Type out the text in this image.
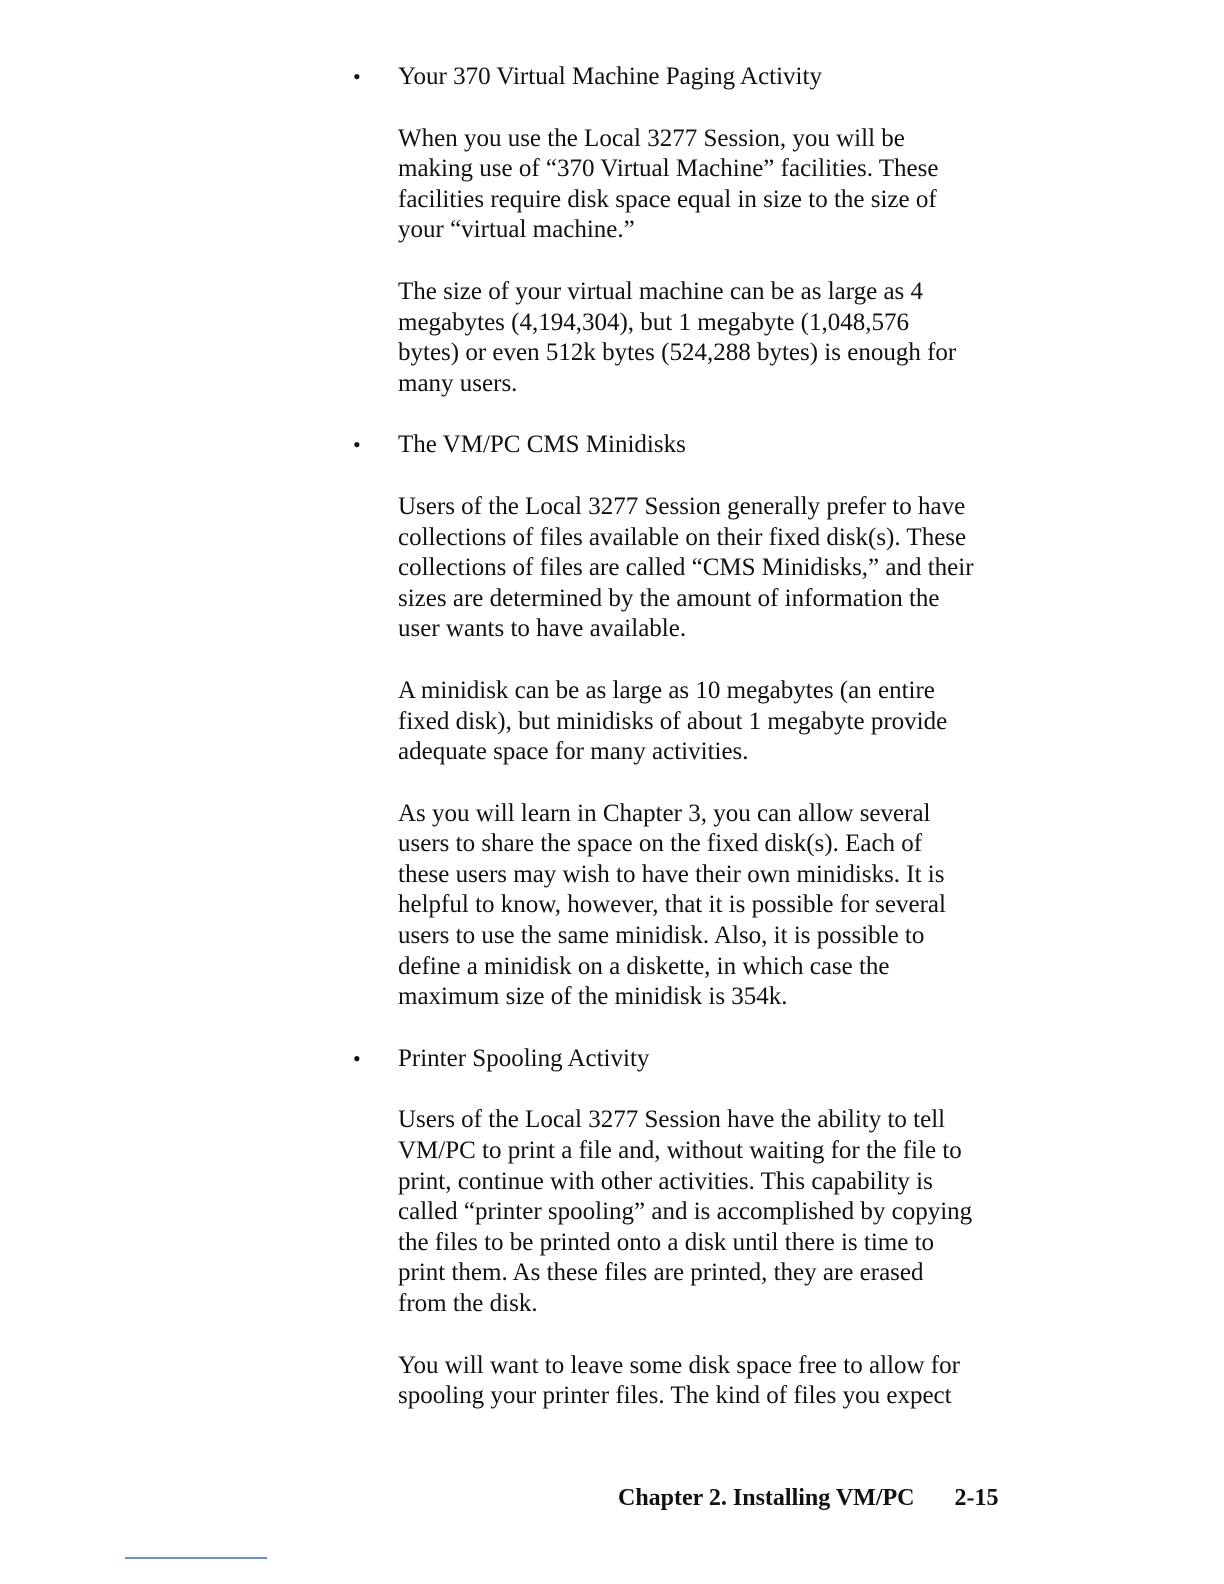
•	Your 370 Virtual Machine Paging Activity

When you use the Local 3277 Session, you will be
making use of “370 Virtual Machine” facilities. These
facilities require disk space equal in size to the size of
your “virtual machine.”

The size of your virtual machine can be as large as 4
megabytes (4,194,304), but 1 megabyte (1,048,576
bytes) or even 512k bytes (524,288 bytes) is enough for
many users.

•	The VM/PC CMS Minidisks

Users of the Local 3277 Session generally prefer to have
collections of files available on their fixed disk(s). These
collections of files are called “CMS Minidisks,” and their
sizes are determined by the amount of information the
user wants to have available.

A minidisk can be as large as 10 megabytes (an entire
fixed disk), but minidisks of about 1 megabyte provide
adequate space for many activities.

As you will learn in Chapter 3, you can allow several
users to share the space on the fixed disk(s). Each of
these users may wish to have their own minidisks. It is
helpful to know, however, that it is possible for several
users to use the same minidisk. Also, it is possible to
define a minidisk on a diskette, in which case the
maximum size of the minidisk is 354k.

•	Printer Spooling Activity

Users of the Local 3277 Session have the ability to tell
VM/PC to print a file and, without waiting for the file to
print, continue with other activities. This capability is
called “printer spooling” and is accomplished by copying
the files to be printed onto a disk until there is time to
print them. As these files are printed, they are erased
from the disk.

You will want to leave some disk space free to allow for
spooling your printer files. The kind of files you expect

Chapter 2. Installing VM/PC 2-15
